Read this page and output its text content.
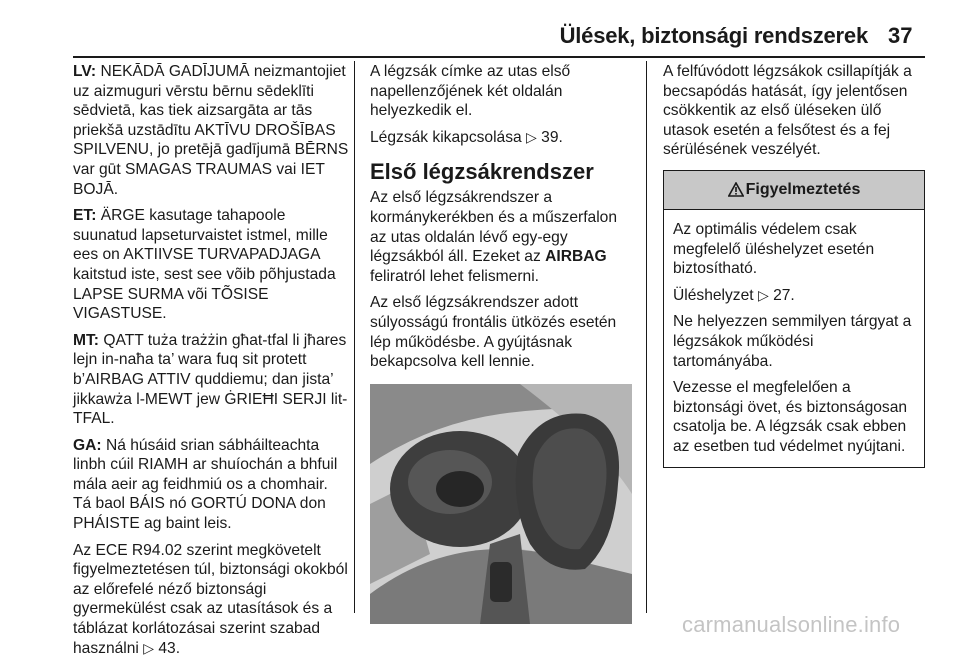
Ülések, biztonsági rendszerek 37

LV: NEKĀDĀ GADĪJUMĀ neizmantojiet uz aizmuguri vērstu bērnu sēdeklīti sēdvietā, kas tiek aizsargāta ar tās priekšā uzstādītu AKTĪVU DROŠĪBAS SPILVENU, jo pretējā gadījumā BĒRNS var gūt SMAGAS TRAUMAS vai IET BOJĀ.

ET: ÄRGE kasutage tahapoole suunatud lapseturvaistet istmel, mille ees on AKTIIVSE TURVAPADJAGA kaitstud iste, sest see võib põhjustada LAPSE SURMA või TÕSISE VIGASTUSE.

MT: QATT tuża trażżin għat-tfal li jħares lejn in-naħa ta’ wara fuq sit protett b’AIRBAG ATTIV quddiemu; dan jista’ jikkawża l-MEWT jew ĠRIEĦI SERJI lit-TFAL.

GA: Ná húsáid srian sábháilteachta linbh cúil RIAMH ar shuíochán a bhfuil mála aeir ag feidhmiú os a chomhair. Tá baol BÁIS nó GORTÚ DONA don PHÁISTE ag baint leis.

Az ECE R94.02 szerint megkövetelt figyelmeztetésen túl, biztonsági okokból az előrefelé néző biztonsági gyermekülést csak az utasítások és a táblázat korlátozásai szerint szabad használni ▷ 43.

A légzsák címke az utas első napellenzőjének két oldalán helyezkedik el.

Légzsák kikapcsolása ▷ 39.

Első légzsákrendszer

Az első légzsákrendszer a kormánykerékben és a műszerfalon az utas oldalán lévő egy-egy légzsákból áll. Ezeket az AIRBAG feliratról lehet felismerni.

Az első légzsákrendszer adott súlyosságú frontális ütközés esetén lép működésbe. A gyújtásnak bekapcsolva kell lennie.

A felfúvódott légzsákok csillapítják a becsapódás hatását, így jelentősen csökkentik az első üléseken ülő utasok esetén a felsőtest és a fej sérülésének veszélyét.

Figyelmeztetés

Az optimális védelem csak megfelelő üléshelyzet esetén biztosítható.

Üléshelyzet ▷ 27.

Ne helyezzen semmilyen tárgyat a légzsákok működési tartományába.

Vezesse el megfelelően a biztonsági övet, és biztonságosan csatolja be. A légzsák csak ebben az esetben tud védelmet nyújtani.

carmanualsonline.info
